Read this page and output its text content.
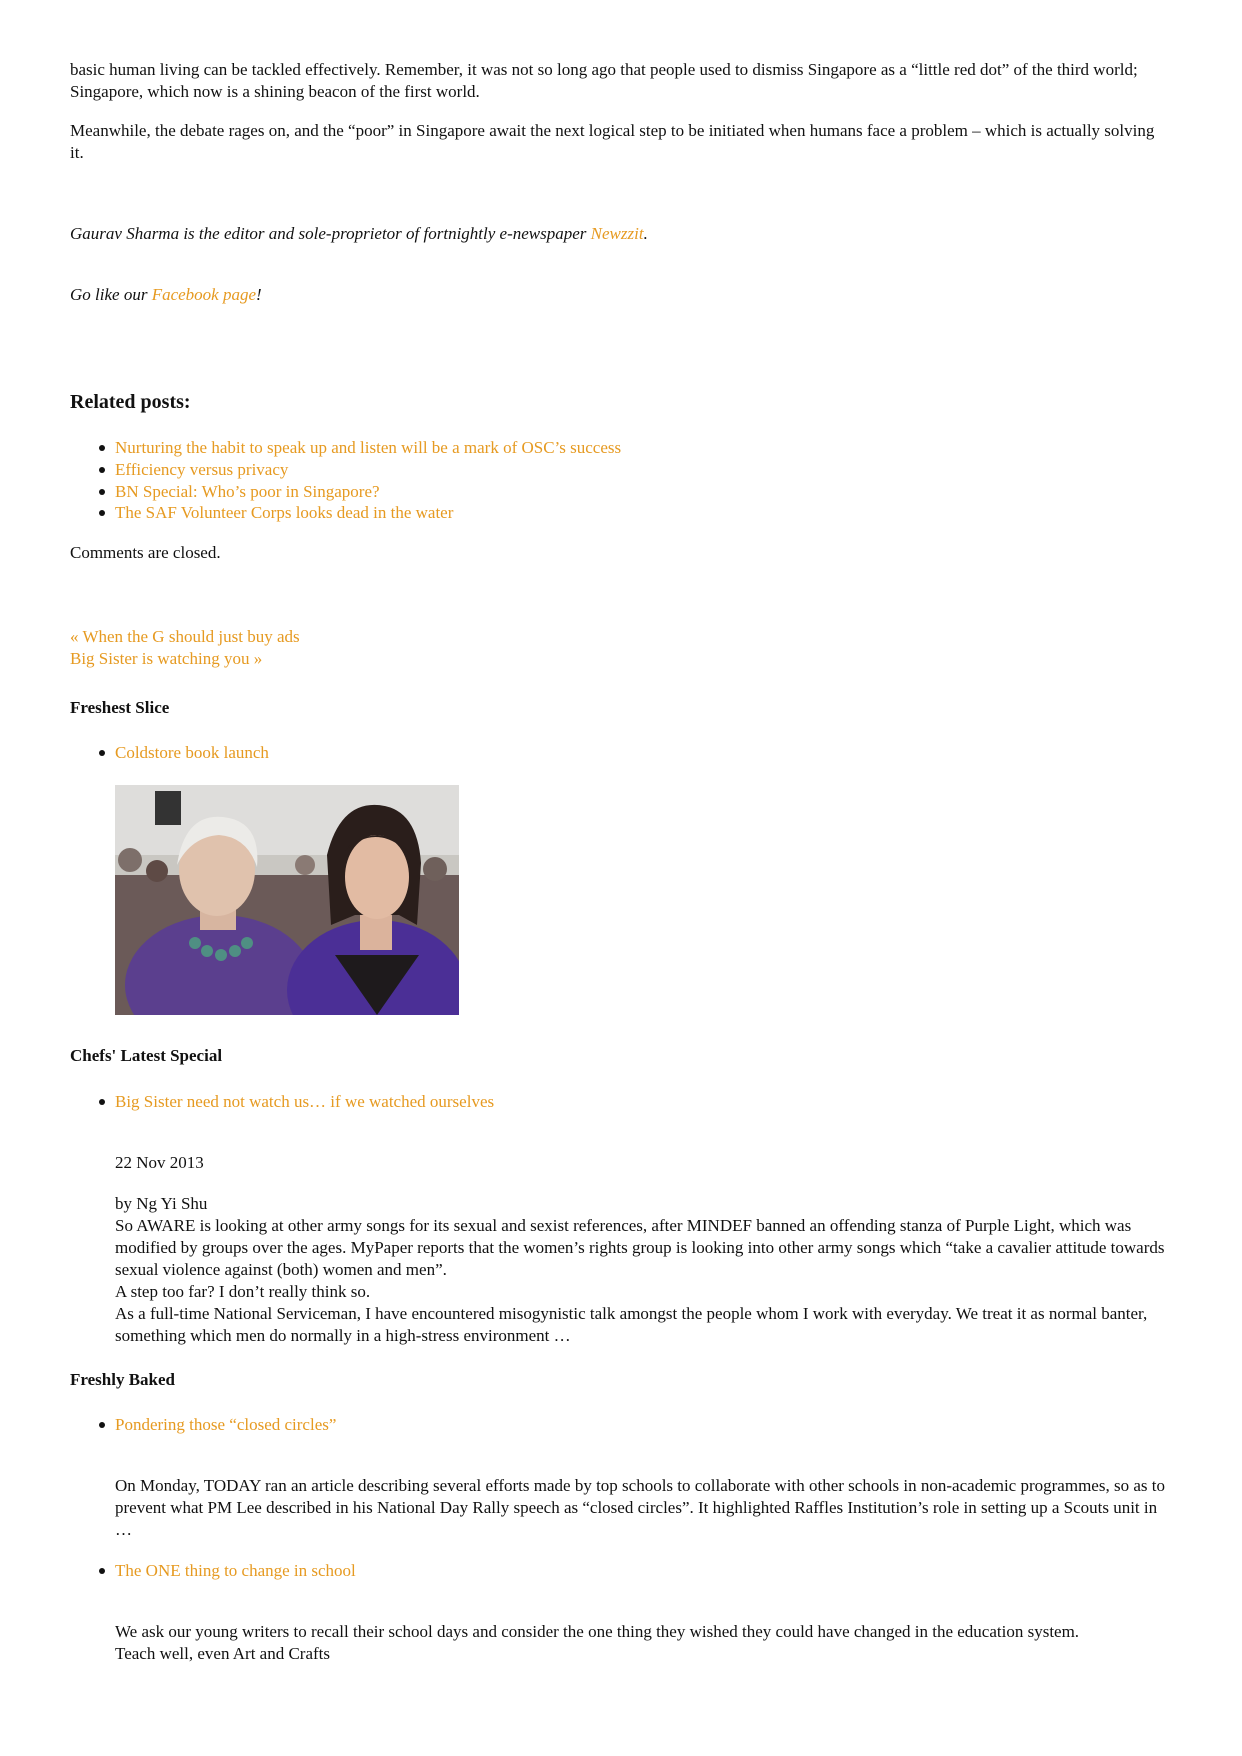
basic human living can be tackled effectively. Remember, it was not so long ago that people used to dismiss Singapore as a “little red dot” of the third world; Singapore, which now is a shining beacon of the first world.

Meanwhile, the debate rages on, and the “poor” in Singapore await the next logical step to be initiated when humans face a problem – which is actually solving it.

Gaurav Sharma is the editor and sole-proprietor of fortnightly e-newspaper Newzzit.

Go like our Facebook page!

Related posts:
Nurturing the habit to speak up and listen will be a mark of OSC’s success
Efficiency versus privacy
BN Special: Who’s poor in Singapore?
The SAF Volunteer Corps looks dead in the water

Comments are closed.

« When the G should just buy ads
Big Sister is watching you »
Freshest Slice
Coldstore book launch
Chefs' Latest Special
Big Sister need not watch us… if we watched ourselves

22 Nov 2013

by Ng Yi Shu

So AWARE is looking at other army songs for its sexual and sexist references, after MINDEF banned an offending stanza of Purple Light, which was modified by groups over the ages. MyPaper reports that the women’s rights group is looking into other army songs which “take a cavalier attitude towards sexual violence against (both) women and men”.

A step too far? I don’t really think so.

As a full-time National Serviceman, I have encountered misogynistic talk amongst the people whom I work with everyday. We treat it as normal banter, something which men do normally in a high-stress environment …

Freshly Baked
Pondering those “closed circles”

On Monday, TODAY ran an article describing several efforts made by top schools to collaborate with other schools in non-academic programmes, so as to prevent what PM Lee described in his National Day Rally speech as “closed circles”. It highlighted Raffles Institution’s role in setting up a Scouts unit in …

The ONE thing to change in school

We ask our young writers to recall their school days and consider the one thing they wished they could have changed in the education system.

Teach well, even Art and Crafts
